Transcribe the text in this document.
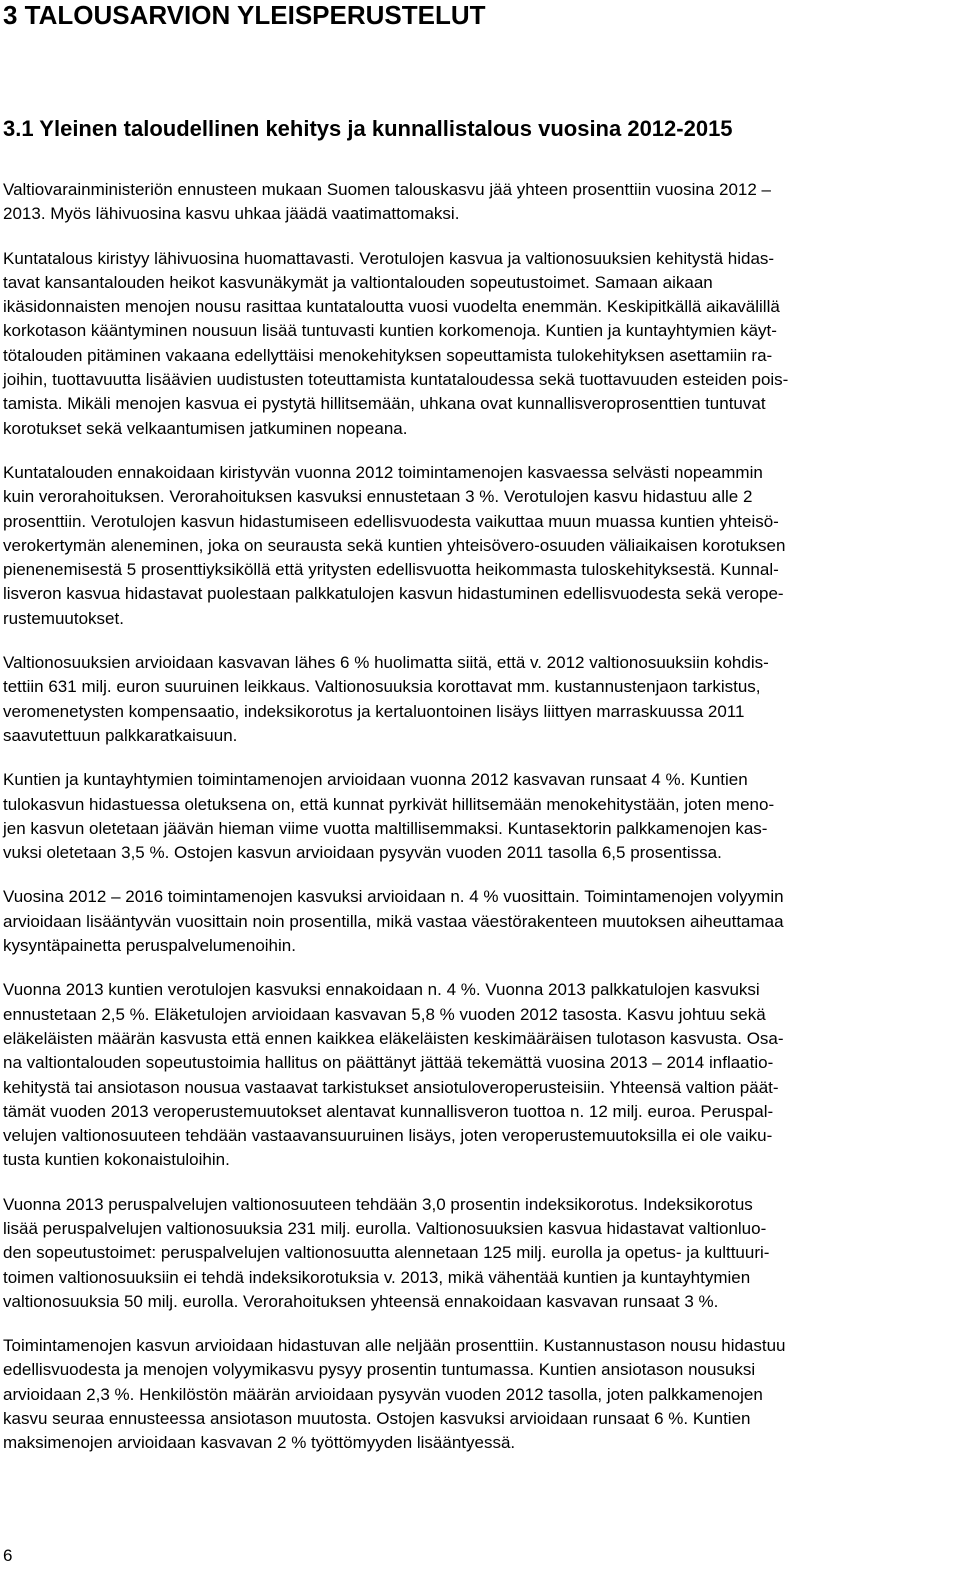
3 TALOUSARVION YLEISPERUSTELUT
3.1 Yleinen taloudellinen kehitys ja kunnallistalous vuosina 2012-2015

Valtiovarainministeriön ennusteen mukaan Suomen talouskasvu jää yhteen prosenttiin vuosina 2012 –
2013. Myös lähivuosina kasvu uhkaa jäädä vaatimattomaksi.

Kuntatalous kiristyy lähivuosina huomattavasti. Verotulojen kasvua ja valtionosuuksien kehitystä hidas-
tavat kansantalouden heikot kasvunäkymät ja valtiontalouden sopeutustoimet. Samaan aikaan
ikäsidonnaisten menojen nousu rasittaa kuntataloutta vuosi vuodelta enemmän. Keskipitkällä aikavälillä
korkotason kääntyminen nousuun lisää tuntuvasti kuntien korkomenoja. Kuntien ja kuntayhtymien käyt-
tötalouden pitäminen vakaana edellyttäisi menokehityksen sopeuttamista tulokehityksen asettamiin ra-
joihin, tuottavuutta lisäävien uudistusten toteuttamista kuntataloudessa sekä tuottavuuden esteiden pois-
tamista. Mikäli menojen kasvua ei pystytä hillitsemään, uhkana ovat kunnallisveroprosenttien tuntuvat
korotukset sekä velkaantumisen jatkuminen nopeana.

Kuntatalouden ennakoidaan kiristyvän vuonna 2012 toimintamenojen kasvaessa selvästi nopeammin
kuin verorahoituksen. Verorahoituksen kasvuksi ennustetaan 3 %. Verotulojen kasvu hidastuu alle 2
prosenttiin. Verotulojen kasvun hidastumiseen edellisvuodesta vaikuttaa muun muassa kuntien yhteisö-
verokertymän aleneminen, joka on seurausta sekä kuntien yhteisövero-osuuden väliaikaisen korotuksen
pienenemisestä 5 prosenttiyksiköllä että yritysten edellisvuotta heikommasta tuloskehityksestä. Kunnal-
lisveron kasvua hidastavat puolestaan palkkatulojen kasvun hidastuminen edellisvuodesta sekä verope-
rustemuutokset.

Valtionosuuksien arvioidaan kasvavan lähes 6 % huolimatta siitä, että v. 2012 valtionosuuksiin kohdis-
tettiin 631 milj. euron suuruinen leikkaus. Valtionosuuksia korottavat mm. kustannustenjaon tarkistus,
veromenetysten kompensaatio, indeksikorotus ja kertaluontoinen lisäys liittyen marraskuussa 2011
saavutettuun palkkaratkaisuun.

Kuntien ja kuntayhtymien toimintamenojen arvioidaan vuonna 2012 kasvavan runsaat 4 %. Kuntien
tulokasvun hidastuessa oletuksena on, että kunnat pyrkivät hillitsemään menokehitystään, joten meno-
jen kasvun oletetaan jäävän hieman viime vuotta maltillisemmaksi. Kuntasektorin palkkamenojen kas-
vuksi oletetaan 3,5 %. Ostojen kasvun arvioidaan pysyvän vuoden 2011 tasolla 6,5 prosentissa.

Vuosina 2012 – 2016 toimintamenojen kasvuksi arvioidaan n. 4 % vuosittain. Toimintamenojen volyymin
arvioidaan lisääntyvän vuosittain noin prosentilla, mikä vastaa väestörakenteen muutoksen aiheuttamaa
kysyntäpainetta peruspalvelumenoihin.

Vuonna 2013 kuntien verotulojen kasvuksi ennakoidaan n. 4 %. Vuonna 2013 palkkatulojen kasvuksi
ennustetaan 2,5 %. Eläketulojen arvioidaan kasvavan 5,8 % vuoden 2012 tasosta. Kasvu johtuu sekä
eläkeläisten määrän kasvusta että ennen kaikkea eläkeläisten keskimääräisen tulotason kasvusta. Osa-
na valtiontalouden sopeutustoimia hallitus on päättänyt jättää tekemättä vuosina 2013 – 2014 inflaatio-
kehitystä tai ansiotason nousua vastaavat tarkistukset ansiotuloveroperusteisiin. Yhteensä valtion päät-
tämät vuoden 2013 veroperustemuutokset alentavat kunnallisveron tuottoa n. 12 milj. euroa. Peruspal-
velujen valtionosuuteen tehdään vastaavansuuruinen lisäys, joten veroperustemuutoksilla ei ole vaiku-
tusta kuntien kokonaistuloihin.

Vuonna 2013 peruspalvelujen valtionosuuteen tehdään 3,0 prosentin indeksikorotus. Indeksikorotus
lisää peruspalvelujen valtionosuuksia 231 milj. eurolla. Valtionosuuksien kasvua hidastavat valtionluo-
den sopeutustoimet: peruspalvelujen valtionosuutta alennetaan 125 milj. eurolla ja opetus- ja kulttuuri-
toimen valtionosuuksiin ei tehdä indeksikorotuksia v. 2013, mikä vähentää kuntien ja kuntayhtymien
valtionosuuksia 50 milj. eurolla. Verorahoituksen yhteensä ennakoidaan kasvavan runsaat 3 %.

Toimintamenojen kasvun arvioidaan hidastuvan alle neljään prosenttiin. Kustannustason nousu hidastuu
edellisvuodesta ja menojen volyymikasvu pysyy prosentin tuntumassa. Kuntien ansiotason nousuksi
arvioidaan 2,3 %. Henkilöstön määrän arvioidaan pysyvän vuoden 2012 tasolla, joten palkkamenojen
kasvu seuraa ennusteessa ansiotason muutosta. Ostojen kasvuksi arvioidaan runsaat 6 %. Kuntien
maksimenojen arvioidaan kasvavan 2 % työttömyyden lisääntyessä.

6
